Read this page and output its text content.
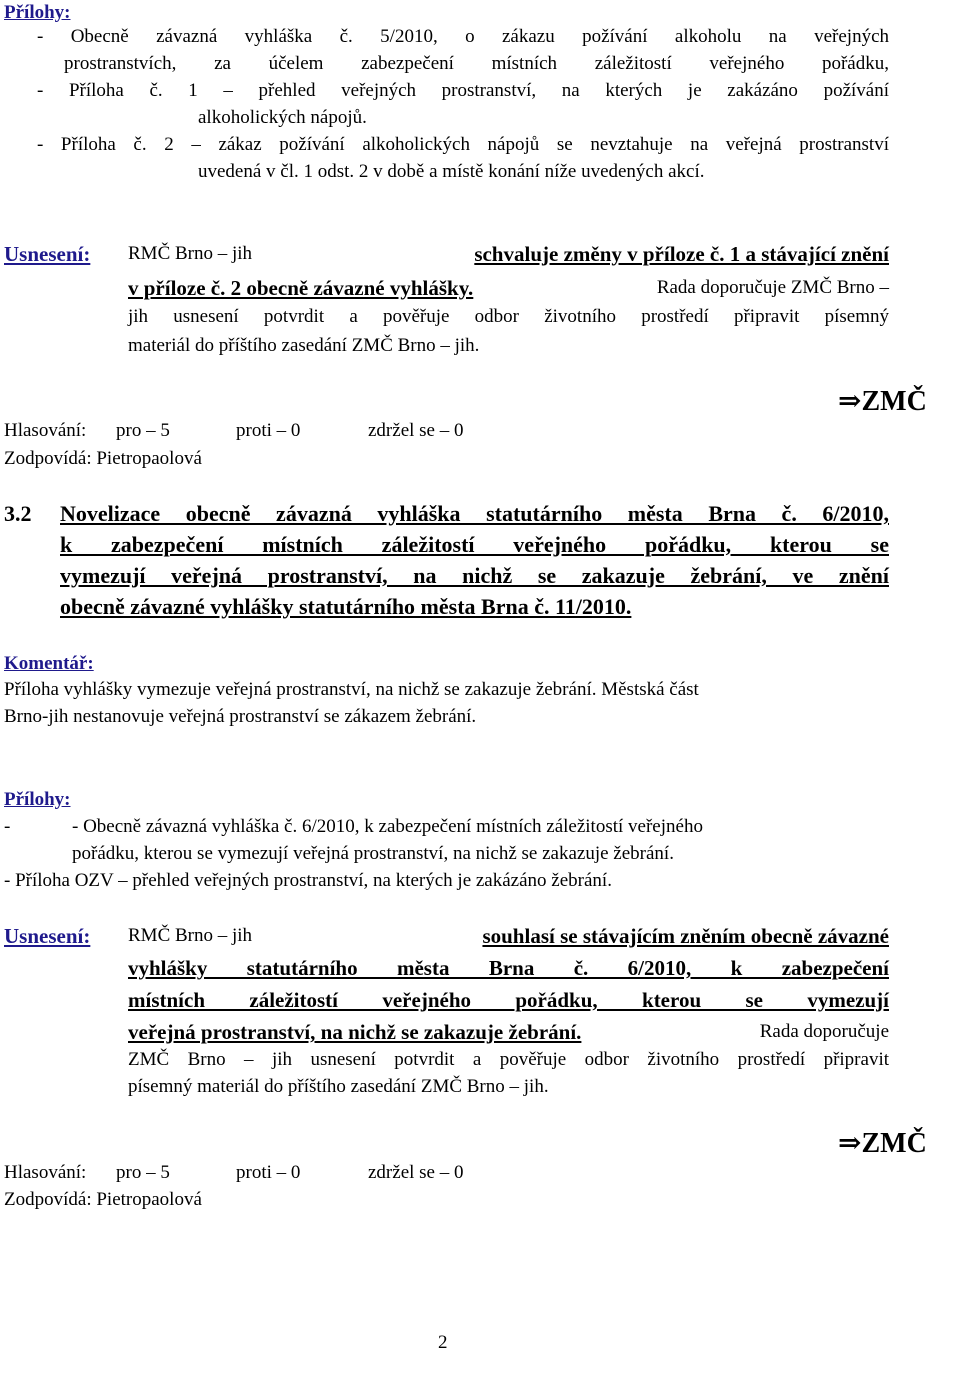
Přílohy:
- Obecně závazná vyhláška č. 5/2010, o zákazu požívání alkoholu na veřejných
prostranstvích, za účelem zabezpečení místních záležitostí veřejného pořádku,
- Příloha č. 1 – přehled veřejných prostranství, na kterých je zakázáno požívání
alkoholických nápojů.
- Příloha č. 2 – zákaz požívání alkoholických nápojů se nevztahuje na veřejná prostranství
uvedená v čl. 1 odst. 2 v době a místě konání níže uvedených akcí.
Usnesení: RMČ Brno – jih	schvaluje změny v příloze č. 1 a stávající znění
v příloze č. 2 obecně závazné vyhlášky.	Rada doporučuje ZMČ Brno –
jih usnesení potvrdit a pověřuje odbor životního prostředí připravit písemný
materiál do příštího zasedání ZMČ Brno – jih.
⇒ZMČ
Hlasování: pro – 5	proti – 0	zdržel se – 0
Zodpovídá: Pietropaolová
3.2 Novelizace obecně závazná vyhláška statutárního města Brna č. 6/2010,
k zabezpečení místních záležitostí veřejného pořádku, kterou se
vymezují veřejná prostranství, na nichž se zakazuje žebrání, ve znění
obecně závazné vyhlášky statutárního města Brna č. 11/2010.
Komentář:
Příloha vyhlášky vymezuje veřejná prostranství, na nichž se zakazuje žebrání. Městská část
Brno-jih nestanovuje veřejná prostranství se zákazem žebrání.
Přílohy:
-	- Obecně závazná vyhláška č. 6/2010, k zabezpečení místních záležitostí veřejného
pořádku, kterou se vymezují veřejná prostranství, na nichž se zakazuje žebrání.
- Příloha OZV – přehled veřejných prostranství, na kterých je zakázáno žebrání.
Usnesení: RMČ Brno – jih	souhlasí se stávajícím zněním obecně závazné
vyhlášky statutárního města Brna č. 6/2010, k zabezpečení
místních záležitostí veřejného pořádku, kterou se vymezují
veřejná prostranství, na nichž se zakazuje žebrání.	Rada doporučuje
ZMČ Brno – jih usnesení potvrdit a pověřuje odbor životního prostředí připravit
písemný materiál do příštího zasedání ZMČ Brno – jih.
⇒ZMČ
Hlasování: pro – 5	proti – 0	zdržel se – 0
Zodpovídá: Pietropaolová
2
